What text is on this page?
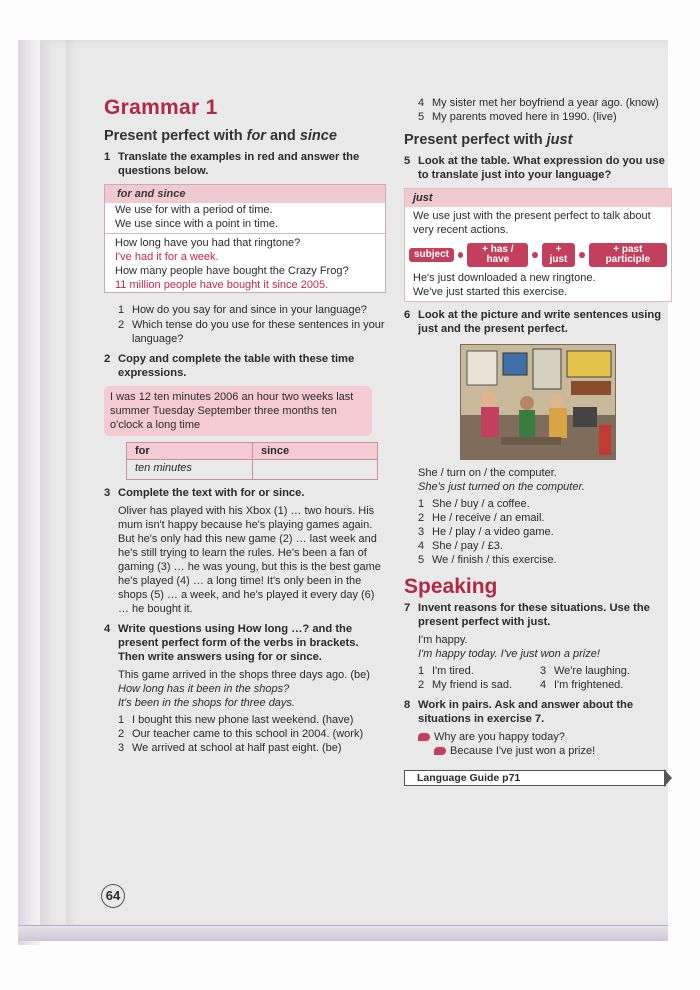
Grammar 1
Present perfect with for and since
1 Translate the examples in red and answer the questions below.
for and since
We use for with a period of time.
We use since with a point in time.
How long have you had that ringtone?
I've had it for a week.
How many people have bought the Crazy Frog?
11 million people have bought it since 2005.
1 How do you say for and since in your language?
2 Which tense do you use for these sentences in your language?
2 Copy and complete the table with these time expressions.
I was 12 ten minutes 2006 an hour two weeks last summer Tuesday September three months ten o'clock a long time
for	since
ten minutes
3 Complete the text with for or since.
Oliver has played with his Xbox (1) … two hours. His mum isn't happy because he's playing games again. But he's only had this new game (2) … last week and he's still trying to learn the rules. He's been a fan of gaming (3) … he was young, but this is the best game he's played (4) … a long time! It's only been in the shops (5) … a week, and he's played it every day (6) … he bought it.
4 Write questions using How long …? and the present perfect form of the verbs in brackets. Then write answers using for or since.
This game arrived in the shops three days ago. (be)
How long has it been in the shops?
It's been in the shops for three days.
1 I bought this new phone last weekend. (have)
2 Our teacher came to this school in 2004. (work)
3 We arrived at school at half past eight. (be)
4 My sister met her boyfriend a year ago. (know)
5 My parents moved here in 1990. (live)
Present perfect with just
5 Look at the table. What expression do you use to translate just into your language?
just
We use just with the present perfect to talk about very recent actions.
subject	+ has / have
+ just
+ past participle
He's just downloaded a new ringtone.
We've just started this exercise.
6 Look at the picture and write sentences using just and the present perfect.
She / turn on / the computer.
She's just turned on the computer.
1 She / buy / a coffee.
2 He / receive / an email.
3 He / play / a video game.
4 She / pay / £3.
5 We / finish / this exercise.
Speaking
7 Invent reasons for these situations. Use the present perfect with just.
I'm happy.
I'm happy today. I've just won a prize!
1 I'm tired.	3 We're laughing.
2 My friend is sad.	4 I'm frightened.
8 Work in pairs. Ask and answer about the situations in exercise 7.
Why are you happy today?
Because I've just won a prize!
Language Guide p71
64
